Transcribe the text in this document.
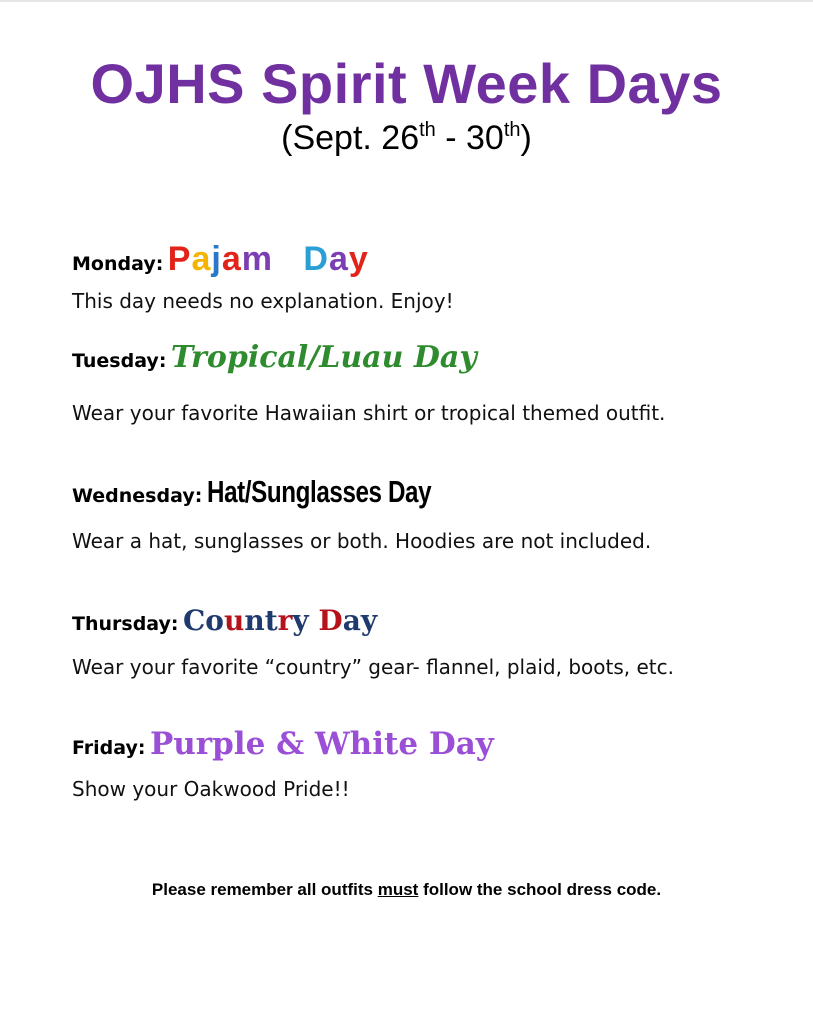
OJHS Spirit Week Days
(Sept. 26th - 30th)
Monday: Pajama Day
This day needs no explanation. Enjoy!
Tuesday: Tropical/Luau Day
Wear your favorite Hawaiian shirt or tropical themed outfit.
Wednesday: Hat/Sunglasses Day
Wear a hat, sunglasses or both. Hoodies are not included.
Thursday: Country Day
Wear your favorite “country” gear- flannel, plaid, boots, etc.
Friday: Purple & White Day
Show your Oakwood Pride!!
Please remember all outfits must follow the school dress code.
